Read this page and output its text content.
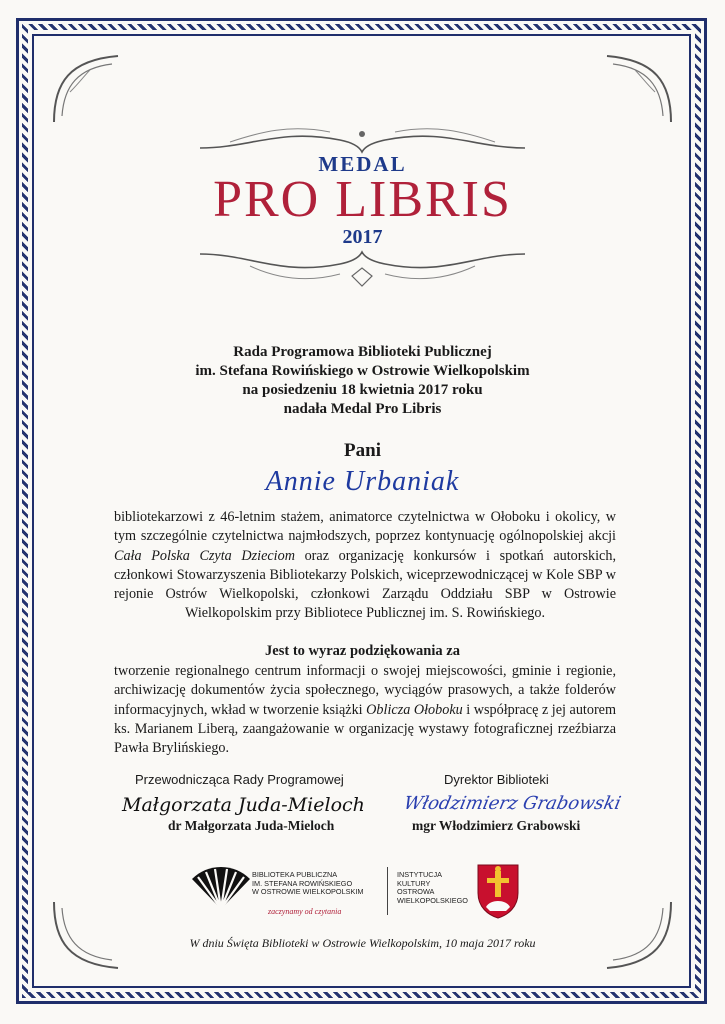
MEDAL
PRO LIBRIS
2017
Rada Programowa Biblioteki Publicznej
im. Stefana Rowińskiego w Ostrowie Wielkopolskim
na posiedzeniu 18 kwietnia 2017 roku
nadała Medal Pro Libris
Pani
Annie Urbaniak
bibliotekarzowi z 46-letnim stażem, animatorce czytelnictwa w Ołoboku i okolicy, w tym szczególnie czytelnictwa najmłodszych, poprzez kontynuację ogólnopolskiej akcji Cała Polska Czyta Dzieciom oraz organizację konkursów i spotkań autorskich, członkowi Stowarzyszenia Bibliotekarzy Polskich, wiceprzewodniczącej w Kole SBP w rejonie Ostrów Wielkopolski, członkowi Zarządu Oddziału SBP w Ostrowie Wielkopolskim przy Bibliotece Publicznej im. S. Rowińskiego.
Jest to wyraz podziękowania za
tworzenie regionalnego centrum informacji o swojej miejscowości, gminie i regionie, archiwizację dokumentów życia społecznego, wyciągów prasowych, a także folderów informacyjnych, wkład w tworzenie książki Oblicza Ołoboku i współpracę z jej autorem ks. Marianem Liberą, zaangażowanie w organizację wystawy fotograficznej rzeźbiarza Pawła Brylińskiego.
Przewodnicząca Rady Programowej
Małgorzata Juda-Mieloch
dr Małgorzata Juda-Mieloch
Dyrektor Biblioteki
Włodzimierz Grabowski
mgr Włodzimierz Grabowski
BIBLIOTEKA PUBLICZNA
IM. STEFANA ROWIŃSKIEGO
W OSTROWIE WIELKOPOLSKIM
zaczynamy od czytania
INSTYTUCJA
KULTURY
OSTROWA
WIELKOPOLSKIEGO
W dniu Święta Biblioteki w Ostrowie Wielkopolskim, 10 maja 2017 roku
